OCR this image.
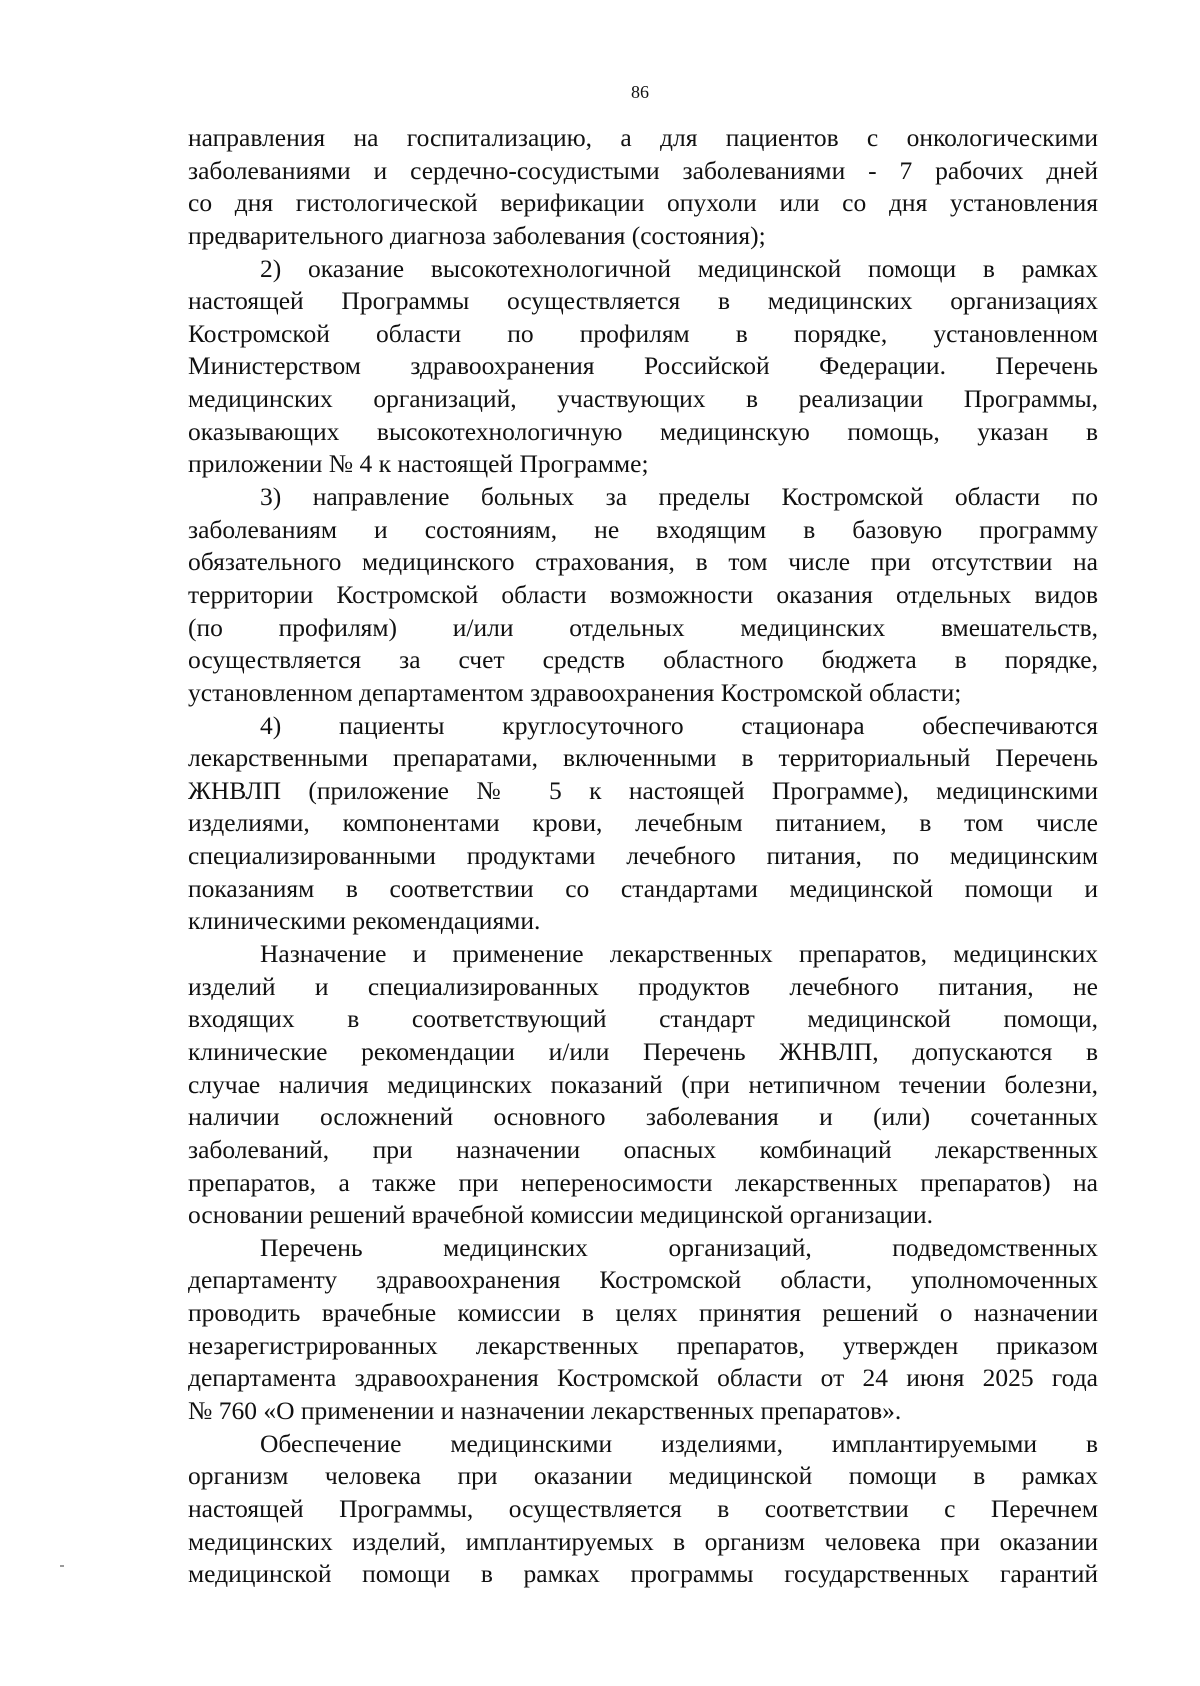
86
направления на госпитализацию, а для пациентов с онкологическими
заболеваниями и сердечно-сосудистыми заболеваниями - 7 рабочих дней
со дня гистологической верификации опухоли или со дня установления
предварительного диагноза заболевания (состояния);
2) оказание высокотехнологичной медицинской помощи в рамках
настоящей Программы осуществляется в медицинских организациях
Костромской области по профилям в порядке, установленном
Министерством здравоохранения Российской Федерации. Перечень
медицинских организаций, участвующих в реализации Программы,
оказывающих высокотехнологичную медицинскую помощь, указан в
приложении № 4 к настоящей Программе;
3) направление больных за пределы Костромской области по
заболеваниям и состояниям, не входящим в базовую программу
обязательного медицинского страхования, в том числе при отсутствии на
территории Костромской области возможности оказания отдельных видов
(по профилям) и/или отдельных медицинских вмешательств,
осуществляется за счет средств областного бюджета в порядке,
установленном департаментом здравоохранения Костромской области;
4) пациенты круглосуточного стационара обеспечиваются
лекарственными препаратами, включенными в территориальный Перечень
ЖНВЛП (приложение № 5 к настоящей Программе), медицинскими
изделиями, компонентами крови, лечебным питанием, в том числе
специализированными продуктами лечебного питания, по медицинским
показаниям в соответствии со стандартами медицинской помощи и
клиническими рекомендациями.
Назначение и применение лекарственных препаратов, медицинских
изделий и специализированных продуктов лечебного питания, не
входящих в соответствующий стандарт медицинской помощи,
клинические рекомендации и/или Перечень ЖНВЛП, допускаются в
случае наличия медицинских показаний (при нетипичном течении болезни,
наличии осложнений основного заболевания и (или) сочетанных
заболеваний, при назначении опасных комбинаций лекарственных
препаратов, а также при непереносимости лекарственных препаратов) на
основании решений врачебной комиссии медицинской организации.
Перечень медицинских организаций, подведомственных
департаменту здравоохранения Костромской области, уполномоченных
проводить врачебные комиссии в целях принятия решений о назначении
незарегистрированных лекарственных препаратов, утвержден приказом
департамента здравоохранения Костромской области от 24 июня 2025 года
№ 760 «О применении и назначении лекарственных препаратов».
Обеспечение медицинскими изделиями, имплантируемыми в
организм человека при оказании медицинской помощи в рамках
настоящей Программы, осуществляется в соответствии с Перечнем
медицинских изделий, имплантируемых в организм человека при оказании
медицинской помощи в рамках программы государственных гарантий
